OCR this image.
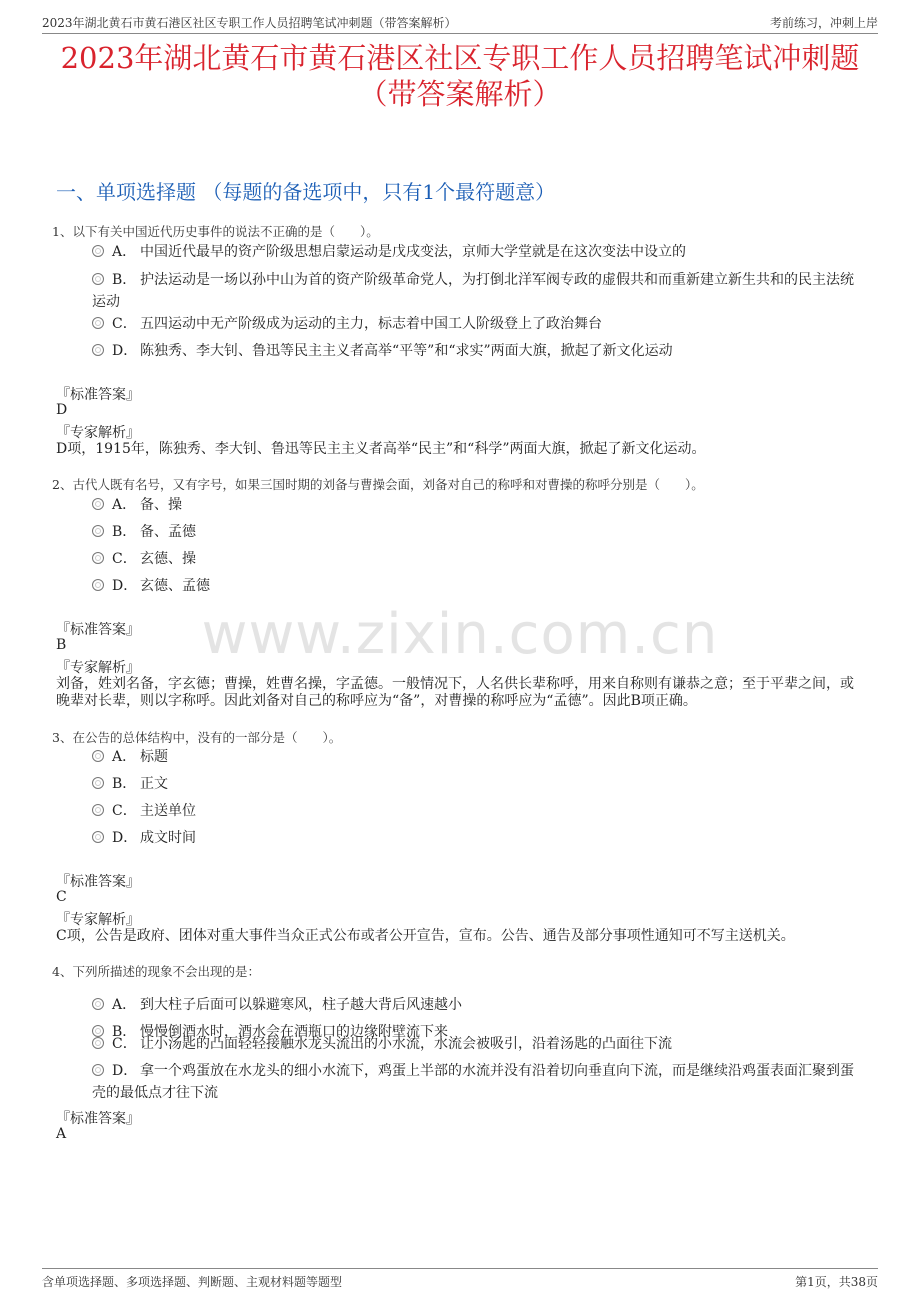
2023年湖北黄石市黄石港区社区专职工作人员招聘笔试冲刺题（带答案解析）	考前练习，冲刺上岸
2023年湖北黄石市黄石港区社区专职工作人员招聘笔试冲刺题
（带答案解析）
一、单项选择题 （每题的备选项中，只有1个最符题意）
www.zixin.com.cn
1、以下有关中国近代历史事件的说法不正确的是（　　）。
A． 中国近代最早的资产阶级思想启蒙运动是戊戌变法，京师大学堂就是在这次变法中设立的
B． 护法运动是一场以孙中山为首的资产阶级革命党人，为打倒北洋军阀专政的虚假共和而重新建立新生共和的民主法统运动
C． 五四运动中无产阶级成为运动的主力，标志着中国工人阶级登上了政治舞台
D． 陈独秀、李大钊、鲁迅等民主主义者高举“平等”和“求实”两面大旗，掀起了新文化运动
『标准答案』
D
『专家解析』
D项，1915年，陈独秀、李大钊、鲁迅等民主主义者高举“民主”和“科学”两面大旗，掀起了新文化运动。
2、古代人既有名号，又有字号，如果三国时期的刘备与曹操会面，刘备对自己的称呼和对曹操的称呼分别是（　　）。
A． 备、操
B． 备、孟德
C． 玄德、操
D． 玄德、孟德
『标准答案』
B
『专家解析』
刘备，姓刘名备，字玄德；曹操，姓曹名操，字孟德。一般情况下，人名供长辈称呼，用来自称则有谦恭之意；至于平辈之间，或晚辈对长辈，则以字称呼。因此刘备对自己的称呼应为“备”，对曹操的称呼应为“孟德”。因此B项正确。
3、在公告的总体结构中，没有的一部分是（　　）。
A． 标题
B． 正文
C． 主送单位
D． 成文时间
『标准答案』
C
『专家解析』
C项，公告是政府、团体对重大事件当众正式公布或者公开宣告，宣布。公告、通告及部分事项性通知可不写主送机关。
4、下列所描述的现象不会出现的是：
A． 到大柱子后面可以躲避寒风，柱子越大背后风速越小
B． 慢慢倒酒水时，酒水会在酒瓶口的边缘附壁流下来
C． 让小汤匙的凸面轻轻接触水龙头流出的小水流，水流会被吸引，沿着汤匙的凸面往下流
D． 拿一个鸡蛋放在水龙头的细小水流下，鸡蛋上半部的水流并没有沿着切向垂直向下流，而是继续沿鸡蛋表面汇聚到蛋壳的最低点才往下流
『标准答案』
A
含单项选择题、多项选择题、判断题、主观材料题等题型	第1页，共38页
